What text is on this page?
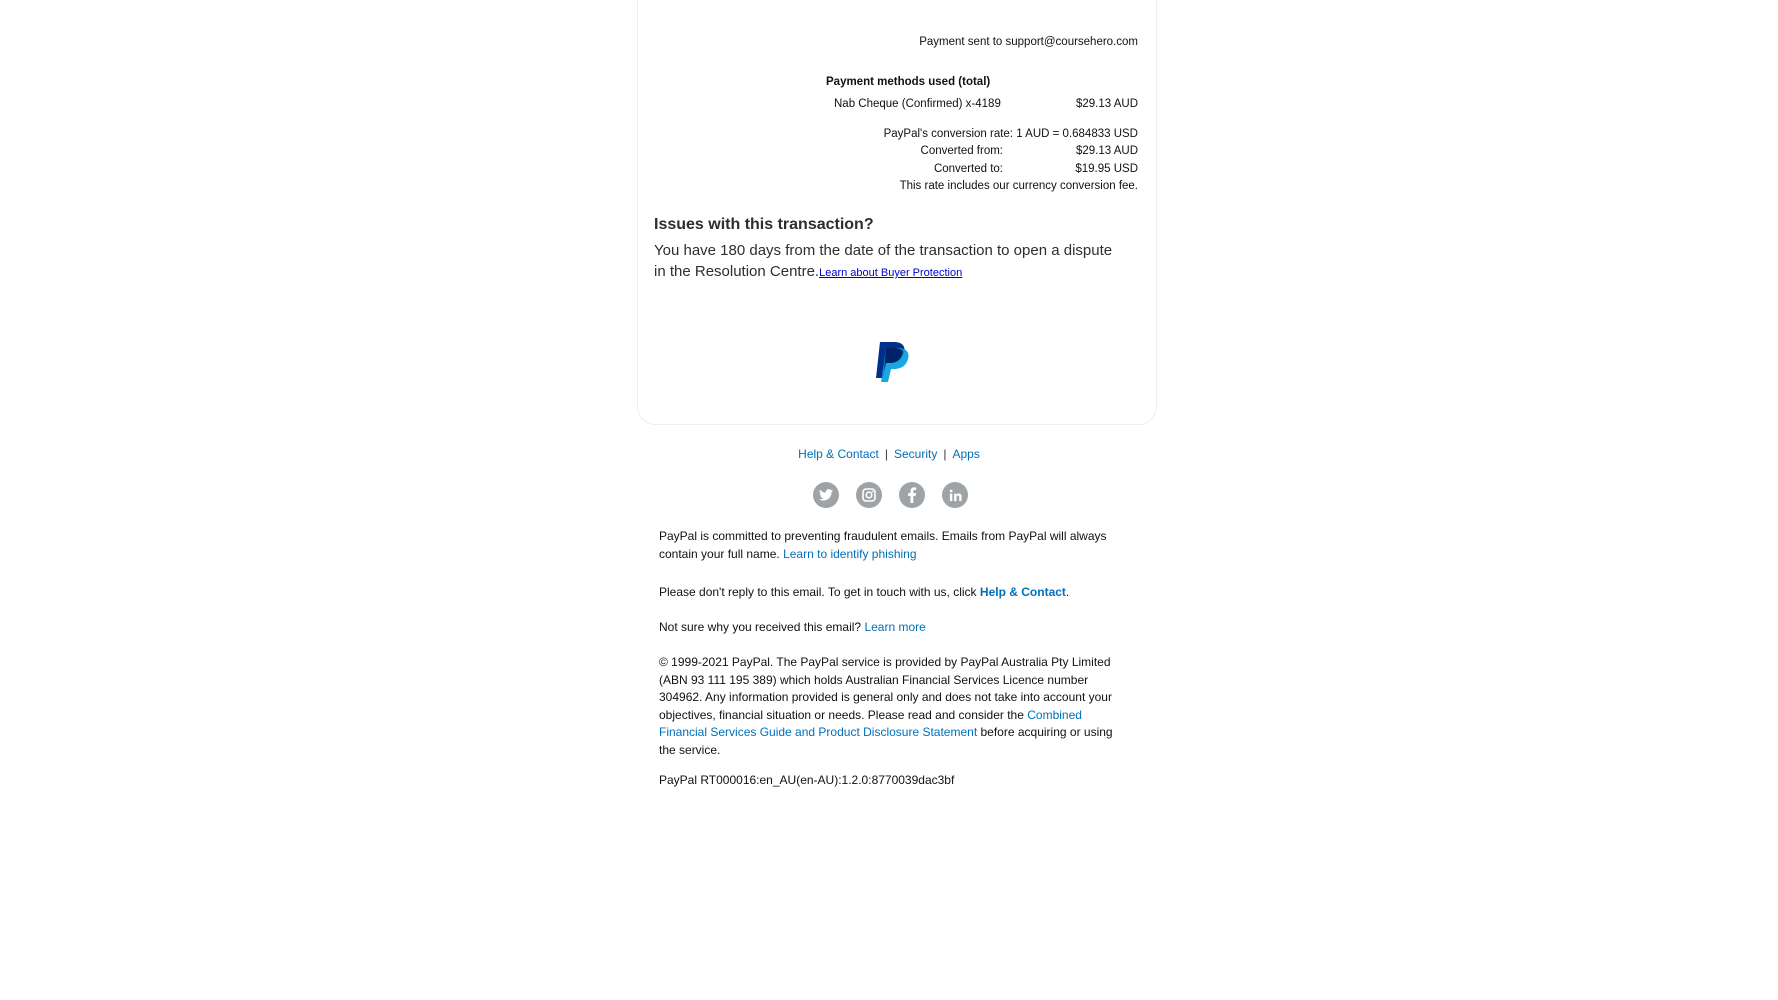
Payment sent to support@coursehero.com
Payment methods used (total)
Nab Cheque (Confirmed) x-4189	$29.13 AUD
PayPal's conversion rate: 1 AUD = 0.684833 USD
Converted from:	$29.13 AUD
Converted to:	$19.95 USD
This rate includes our currency conversion fee.
Issues with this transaction?
You have 180 days from the date of the transaction to open a dispute in the Resolution Centre.Learn about Buyer Protection
Help & Contact | Security | Apps
PayPal is committed to preventing fraudulent emails. Emails from PayPal will always contain your full name. Learn to identify phishing
Please don't reply to this email. To get in touch with us, click Help & Contact.
Not sure why you received this email? Learn more
© 1999-2021 PayPal. The PayPal service is provided by PayPal Australia Pty Limited (ABN 93 111 195 389) which holds Australian Financial Services Licence number 304962. Any information provided is general only and does not take into account your objectives, financial situation or needs. Please read and consider the Combined Financial Services Guide and Product Disclosure Statement before acquiring or using the service.
PayPal RT000016:en_AU(en-AU):1.2.0:8770039dac3bf
